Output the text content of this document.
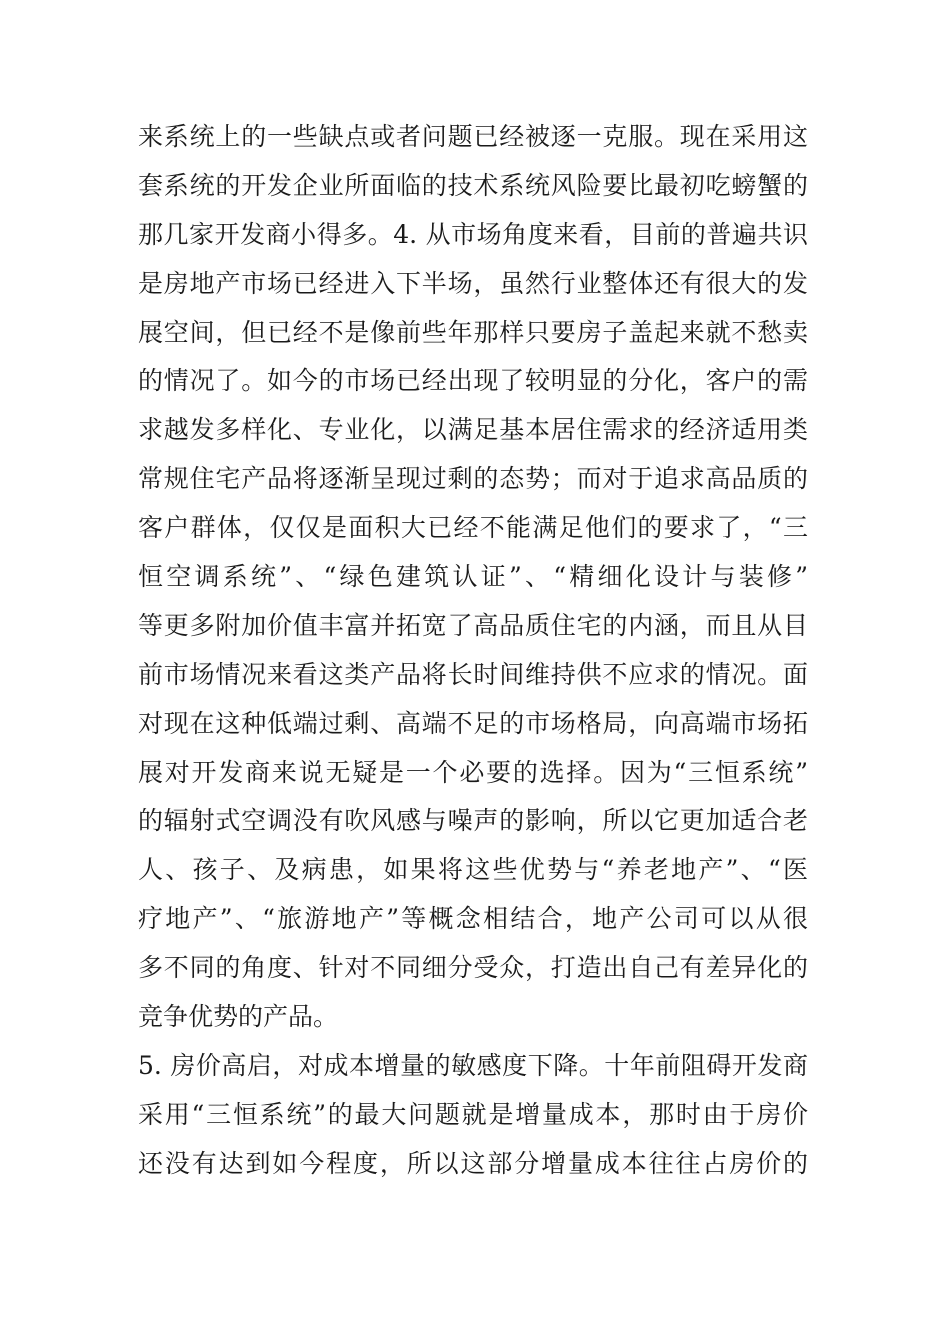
来系统上的一些缺点或者问题已经被逐一克服。现在采用这
套系统的开发企业所面临的技术系统风险要比最初吃螃蟹的
那几家开发商小得多。4. 从市场角度来看，目前的普遍共识
是房地产市场已经进入下半场，虽然行业整体还有很大的发
展空间，但已经不是像前些年那样只要房子盖起来就不愁卖
的情况了。如今的市场已经出现了较明显的分化，客户的需
求越发多样化、专业化，以满足基本居住需求的经济适用类
常规住宅产品将逐渐呈现过剩的态势；而对于追求高品质的
客户群体，仅仅是面积大已经不能满足他们的要求了，“三
恒空调系统”、“绿色建筑认证”、“精细化设计与装修”
等更多附加价值丰富并拓宽了高品质住宅的内涵，而且从目
前市场情况来看这类产品将长时间维持供不应求的情况。面
对现在这种低端过剩、高端不足的市场格局，向高端市场拓
展对开发商来说无疑是一个必要的选择。因为“三恒系统”
的辐射式空调没有吹风感与噪声的影响，所以它更加适合老
人、孩子、及病患，如果将这些优势与“养老地产”、“医
疗地产”、“旅游地产”等概念相结合，地产公司可以从很
多不同的角度、针对不同细分受众，打造出自己有差异化的
竞争优势的产品。
5. 房价高启，对成本增量的敏感度下降。十年前阻碍开发商
采用“三恒系统”的最大问题就是增量成本，那时由于房价
还没有达到如今程度，所以这部分增量成本往往占房价的
